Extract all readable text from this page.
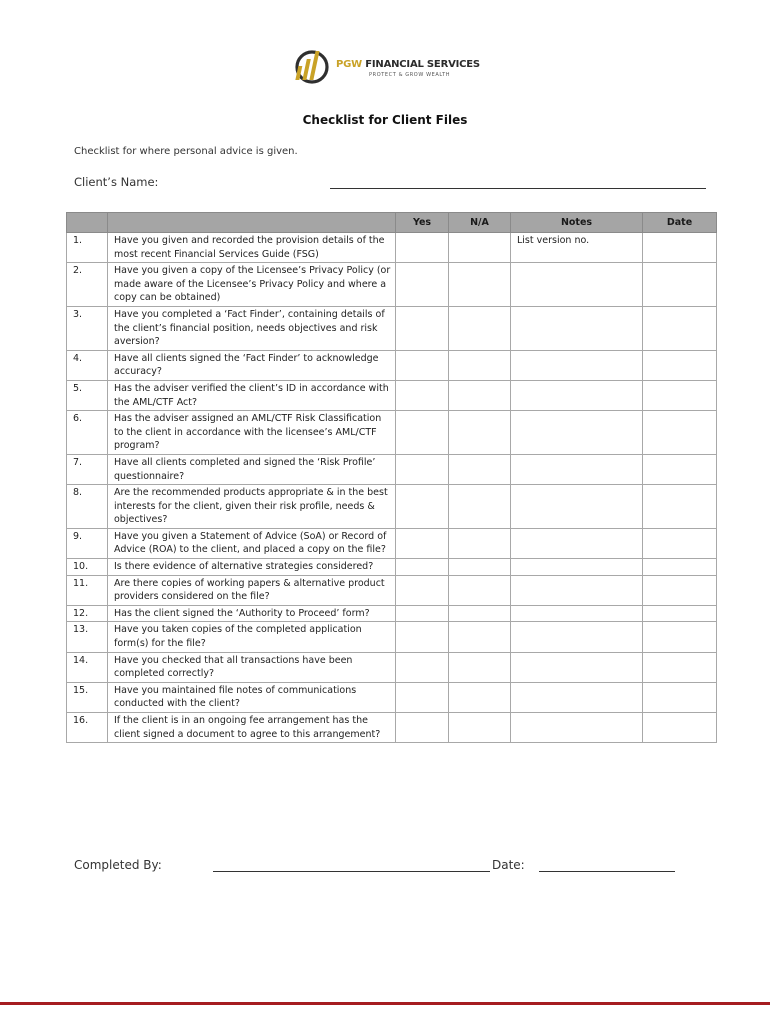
PGW FINANCIAL SERVICES
PROTECT & GROW WEALTH
Checklist for Client Files
Checklist for where personal advice is given.
Client’s Name:
		Yes	N/A	Notes	Date
1.	Have you given and recorded the provision details of the most recent Financial Services Guide (FSG)			List version no.	
2.	Have you given a copy of the Licensee’s Privacy Policy (or made aware of the Licensee’s Privacy Policy and where a copy can be obtained)				
3.	Have you completed a ‘Fact Finder’, containing details of the client’s financial position, needs objectives and risk aversion?				
4.	Have all clients signed the ‘Fact Finder’ to acknowledge accuracy?				
5.	Has the adviser verified the client’s ID in accordance with the AML/CTF Act?				
6.	Has the adviser assigned an AML/CTF Risk Classification to the client in accordance with the licensee’s AML/CTF program?				
7.	Have all clients completed and signed the ‘Risk Profile’ questionnaire?				
8.	Are the recommended products appropriate & in the best interests for the client, given their risk profile, needs & objectives?				
9.	Have you given a Statement of Advice (SoA) or Record of Advice (ROA) to the client, and placed a copy on the file?				
10.	Is there evidence of alternative strategies considered?				
11.	Are there copies of working papers & alternative product providers considered on the file?				
12.	Has the client signed the ‘Authority to Proceed’ form?				
13.	Have you taken copies of the completed application form(s) for the file?				
14.	Have you checked that all transactions have been completed correctly?				
15.	Have you maintained file notes of communications conducted with the client?				
16.	If the client is in an ongoing fee arrangement has the client signed a document to agree to this arrangement?				
Completed By:	Date:
